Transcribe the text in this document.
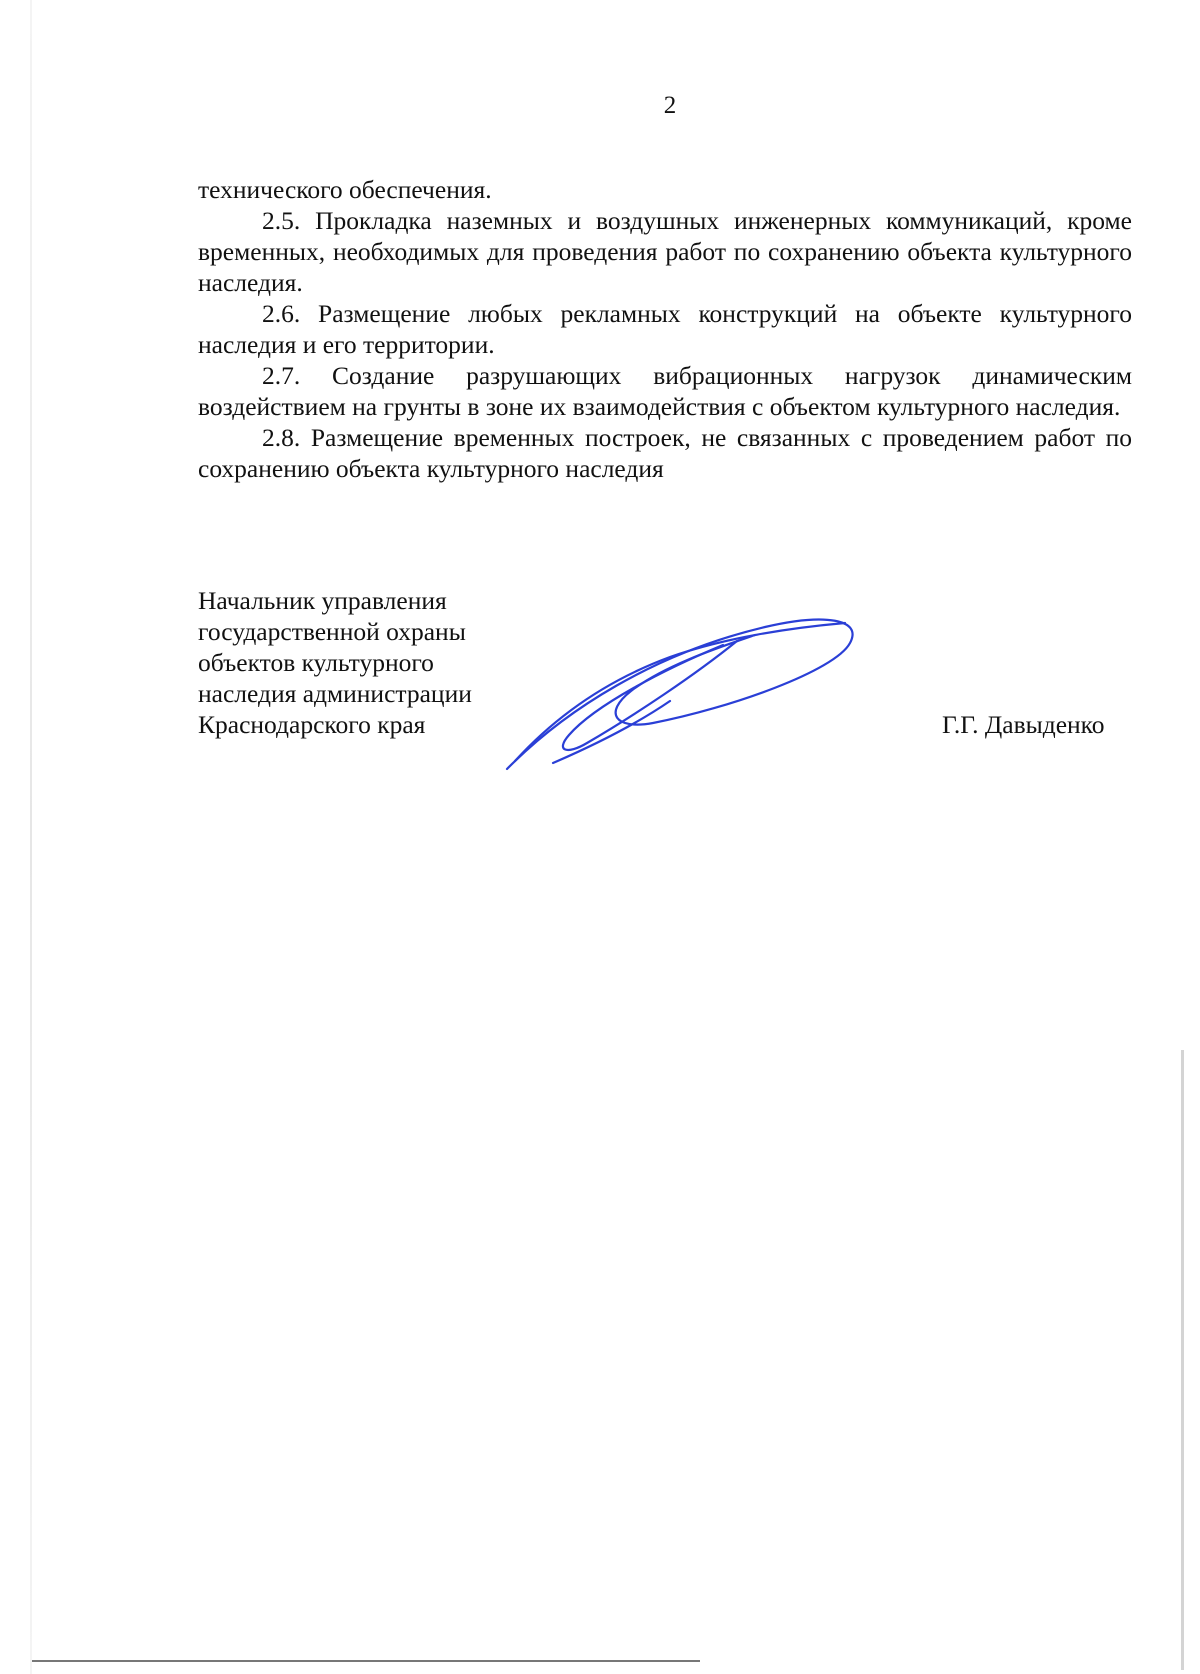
2

технического обеспечения.

2.5. Прокладка наземных и воздушных инженерных коммуникаций, кроме временных, необходимых для проведения работ по сохранению объекта культурного наследия.

2.6. Размещение любых рекламных конструкций на объекте культурного наследия и его территории.

2.7. Создание разрушающих вибрационных нагрузок динамическим воздействием на грунты в зоне их взаимодействия с объектом культурного наследия.

2.8. Размещение временных построек, не связанных с проведением работ по сохранению объекта культурного наследия

Начальник управления
государственной охраны
объектов культурного
наследия администрации
Краснодарского края	Г.Г. Давыденко
